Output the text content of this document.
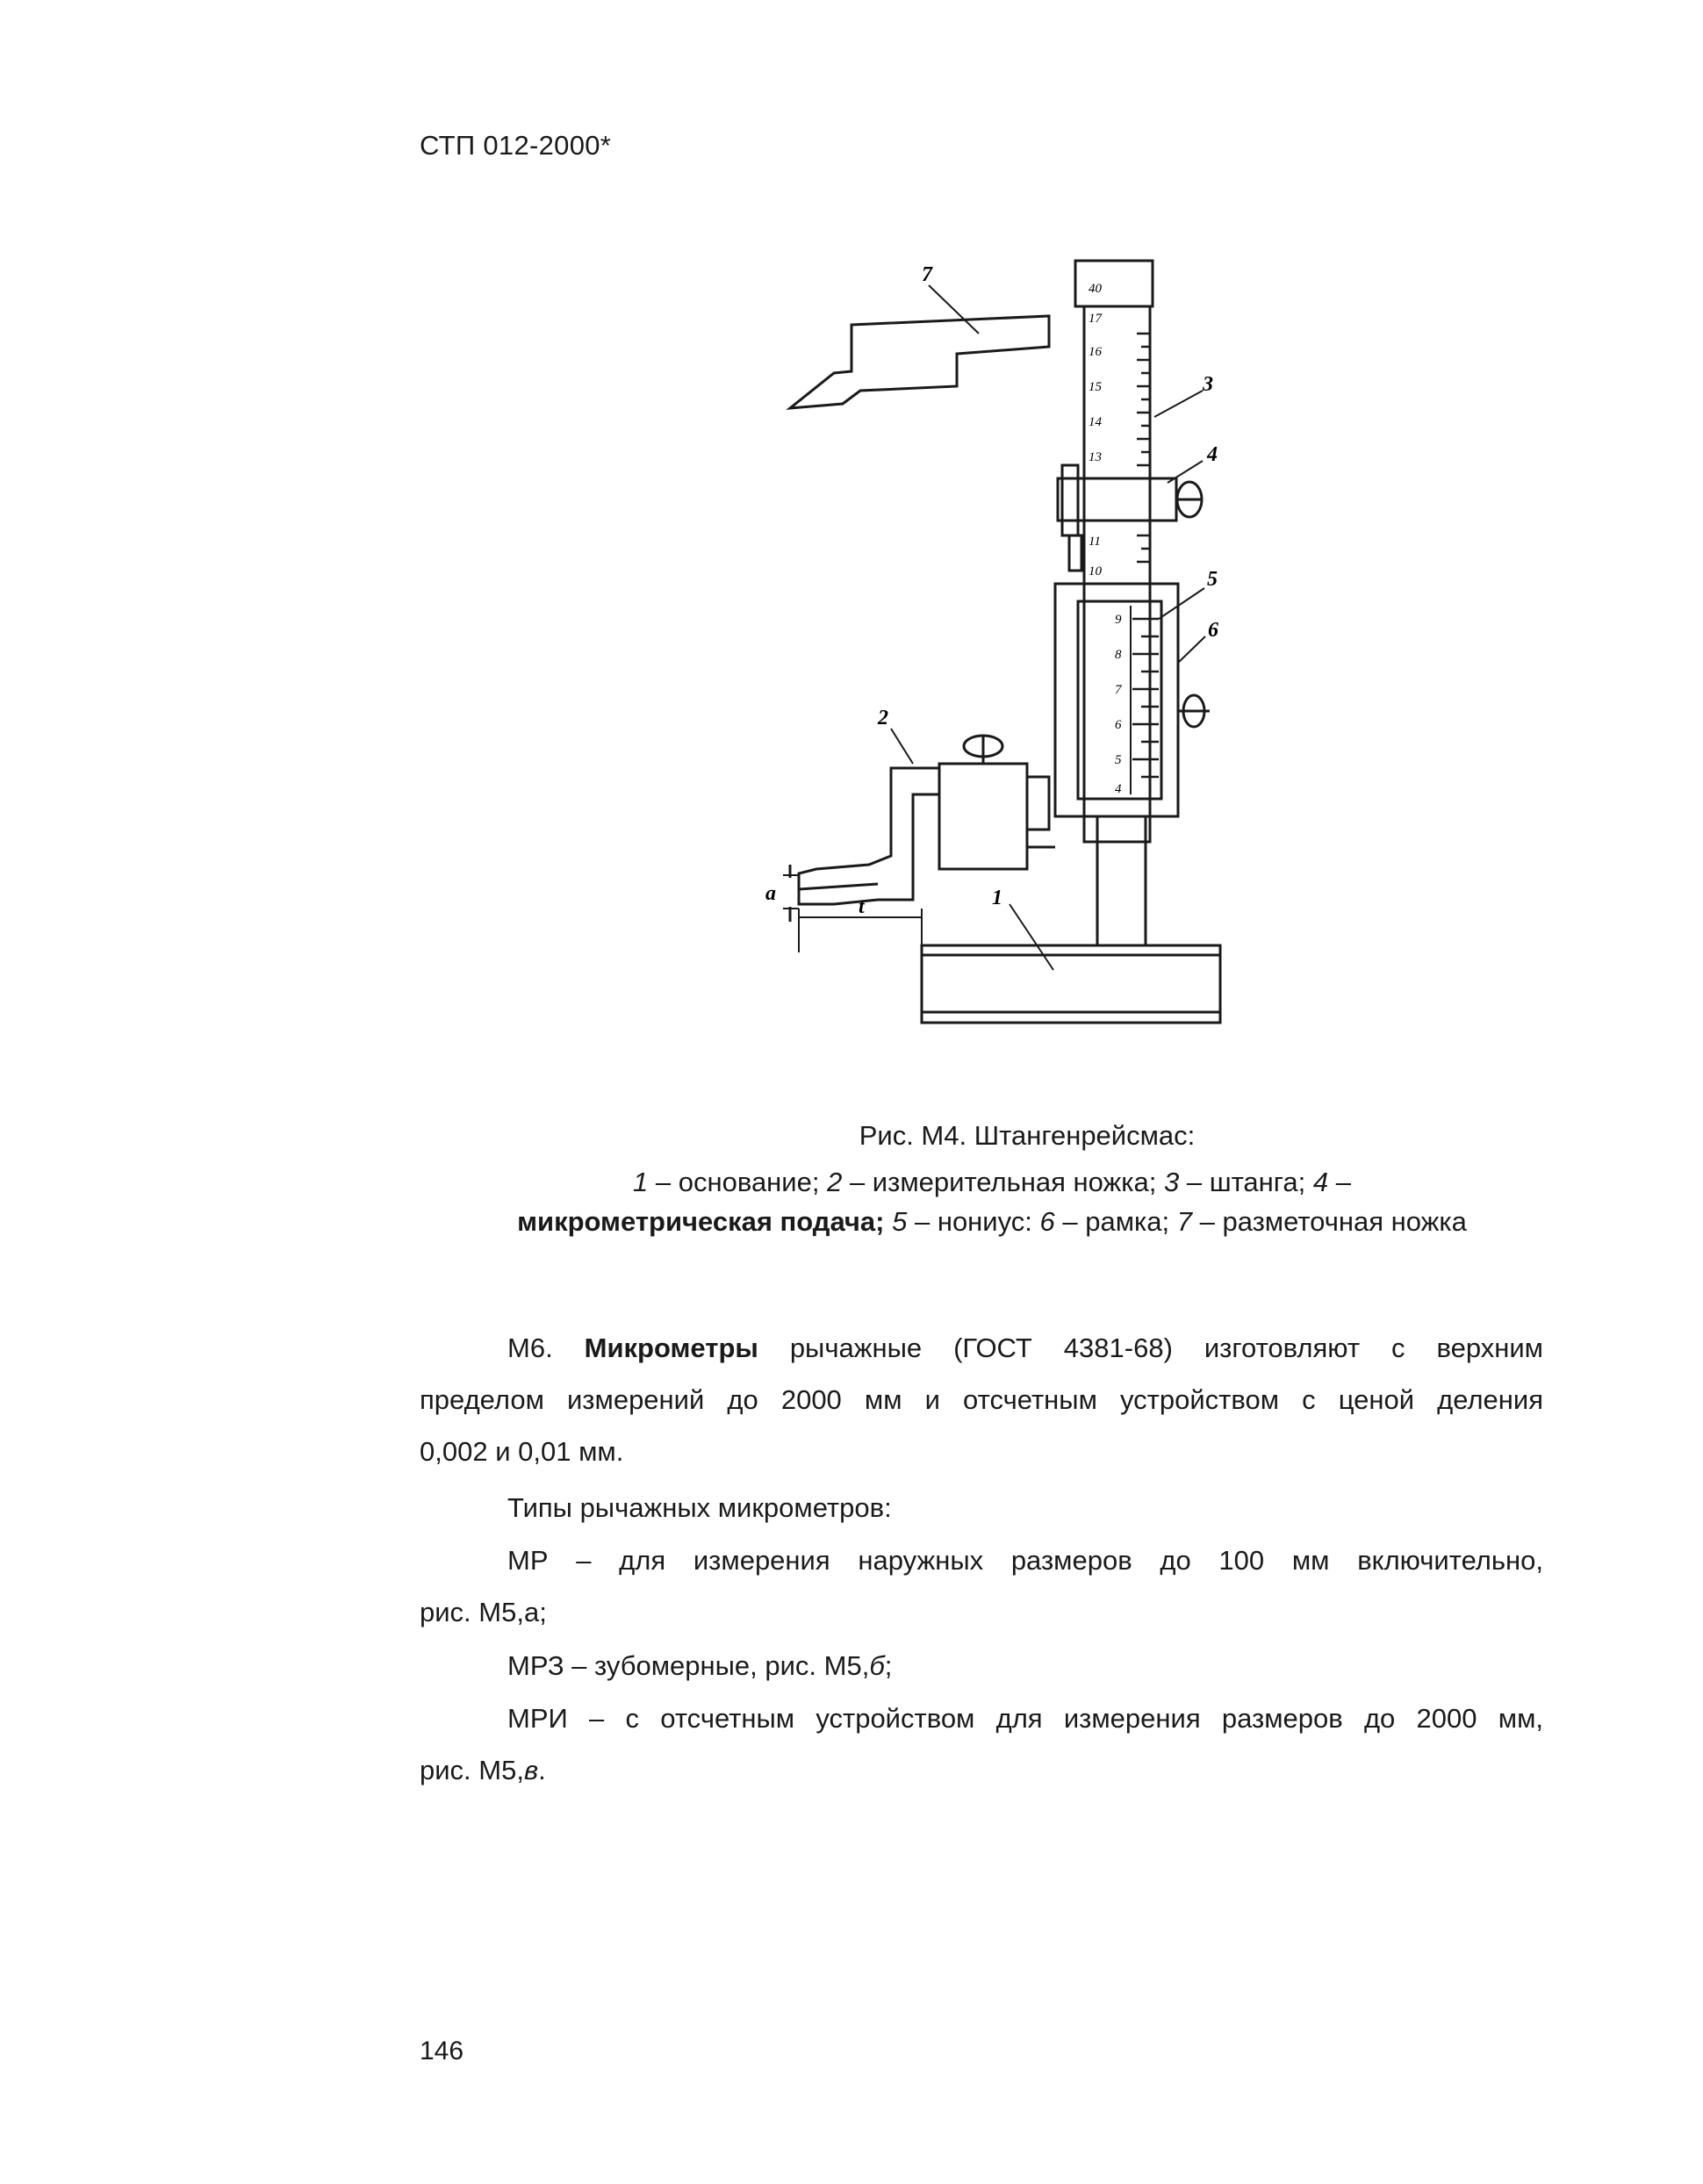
СТП 012-2000*
7
3
4
5
6
2
1
a
t
40
17
16
15
14
13
11
10
9
8
7
6
5
4
Рис. М4. Штангенрейсмас:
1 – основание; 2 – измерительная ножка; 3 – штанга; 4 –
микрометрическая подача; 5 – нониус: 6 – рамка; 7 – разметочная ножка
М6. Микрометры рычажные (ГОСТ 4381-68) изготовляют с верхним
пределом измерений до 2000 мм и отсчетным устройством с ценой деления
0,002 и 0,01 мм.
Типы рычажных микрометров:
МР – для измерения наружных размеров до 100 мм включительно,
рис. М5,а;
МРЗ – зубомерные, рис. М5,б;
МРИ – с отсчетным устройством для измерения размеров до 2000 мм,
рис. М5,в.
146
